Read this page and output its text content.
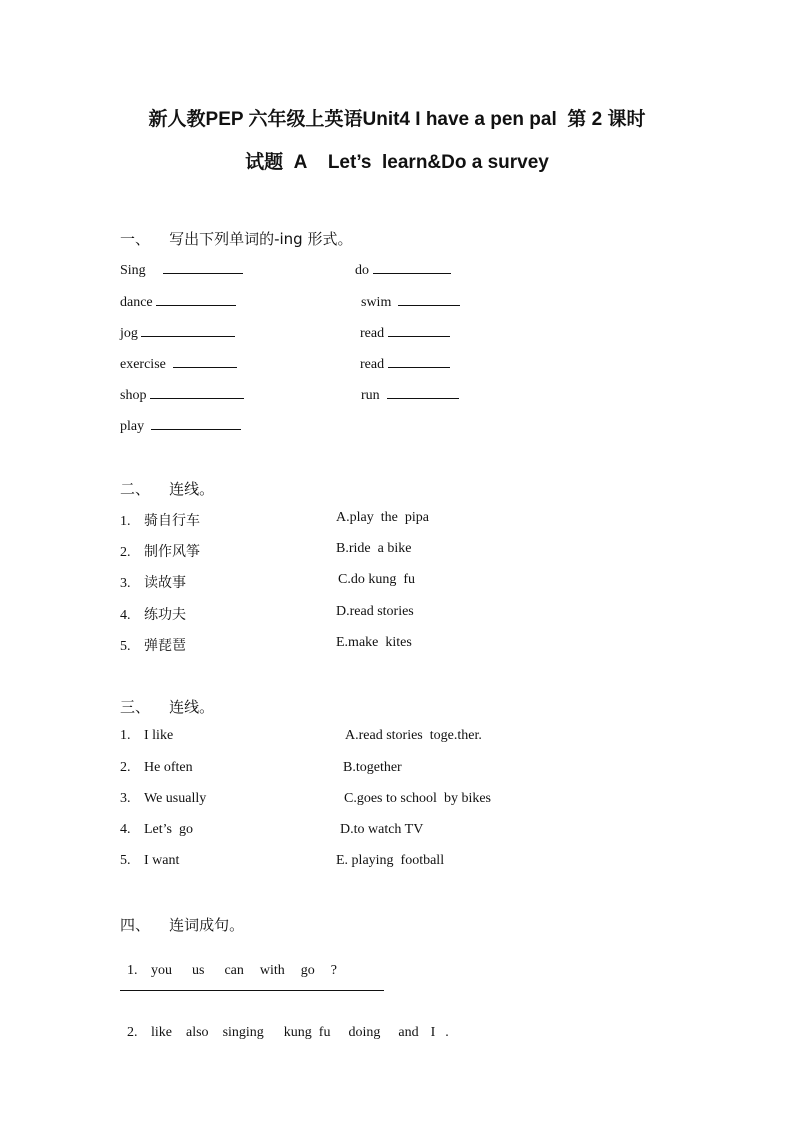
新人教PEP 六年级上英语Unit4 I have a pen pal  第 2 课时
试题  A    Let’s  learn&Do a survey
一、    写出下列单词的-ing 形式。
Sing
dance
jog
exercise
shop
play
do
swim
read
read
run
二、    连线。
1. 骑自行车
2. 制作风筝
3. 读故事
4. 练功夫
5. 弹琵琶
A.play  the  pipa
B.ride  a bike
C.do kung  fu
D.read stories
E.make  kites
三、    连线。
1. I like
2. He often
3. We usually
4. Let’s  go
5. I want
A.read stories  toge.ther.
B.together
C.goes to school  by bikes
D.to watch TV
E. playing  football
四、    连词成句。

1. you us can with go ?

2. like also singing kung  fu doing and I .
